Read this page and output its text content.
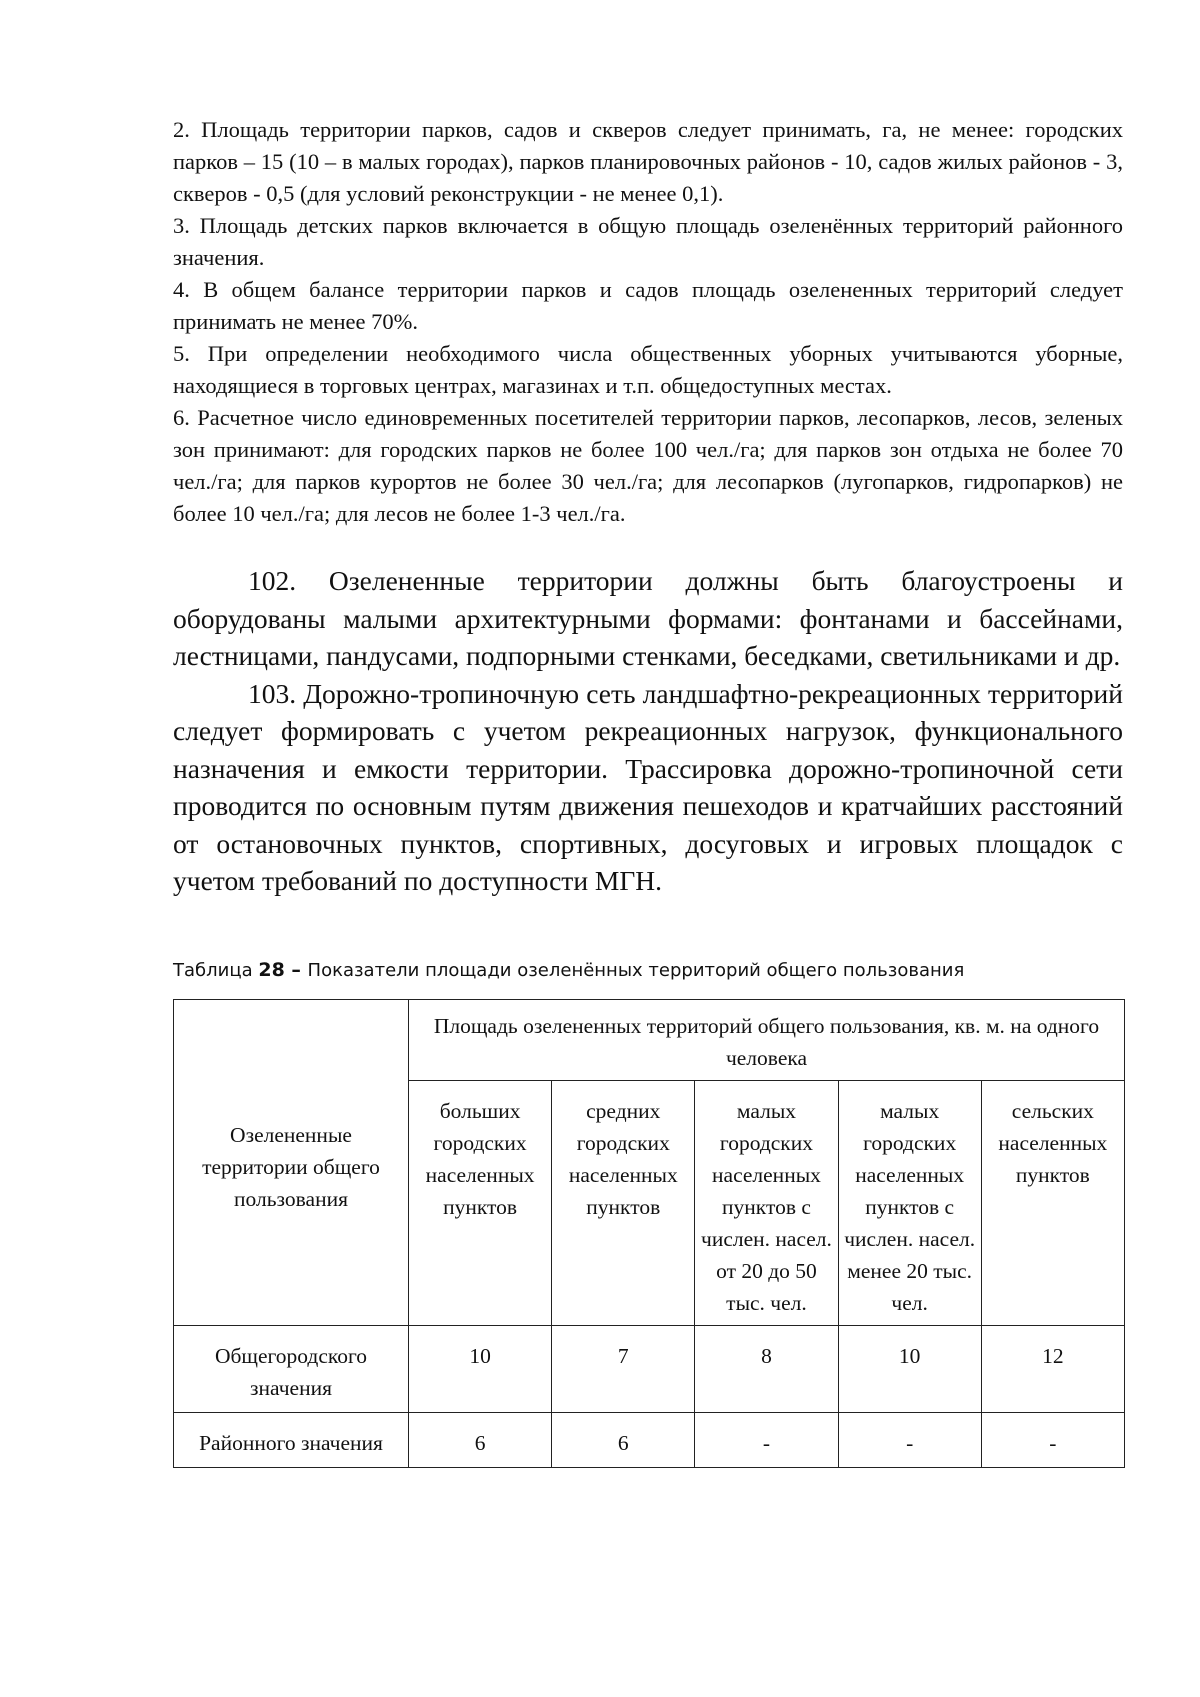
2. Площадь территории парков, садов и скверов следует принимать, га, не менее: городских парков – 15 (10 – в малых городах), парков планировочных районов - 10, садов жилых районов - 3, скверов - 0,5 (для условий реконструкции - не менее 0,1).

3. Площадь детских парков включается в общую площадь озеленённых территорий районного значения.

4. В общем балансе территории парков и садов площадь озелененных территорий следует принимать не менее 70%.

5. При определении необходимого числа общественных уборных учитываются уборные, находящиеся в торговых центрах, магазинах и т.п. общедоступных местах.

6. Расчетное число единовременных посетителей территории парков, лесопарков, лесов, зеленых зон принимают: для городских парков не более 100 чел./га; для парков зон отдыха не более 70 чел./га; для парков курортов не более 30 чел./га; для лесопарков (лугопарков, гидропарков) не более 10 чел./га; для лесов не более 1-3 чел./га.

102. Озелененные территории должны быть благоустроены и оборудованы малыми архитектурными формами: фонтанами и бассейнами, лестницами, пандусами, подпорными стенками, беседками, светильниками и др.

103. Дорожно-тропиночную сеть ландшафтно-рекреационных территорий следует формировать с учетом рекреационных нагрузок, функционального назначения и емкости территории. Трассировка дорожно-тропиночной сети проводится по основным путям движения пешеходов и кратчайших расстояний от остановочных пунктов, спортивных, досуговых и игровых площадок с учетом требований по доступности МГН.

Таблица 28 – Показатели площади озеленённых территорий общего пользования
Озелененные территории общего пользования	Площадь озелененных территорий общего пользования, кв. м. на одного человека				
	больших городских населенных пунктов	средних городских населенных пунктов	малых городских населенных пунктов с числен. насел. от 20 до 50 тыс. чел.	малых городских населенных пунктов с числен. насел. менее 20 тыс. чел.	сельских населенных пунктов
Общегородского значения	10	7	8	10	12
Районного значения	6	6	-	-	-
